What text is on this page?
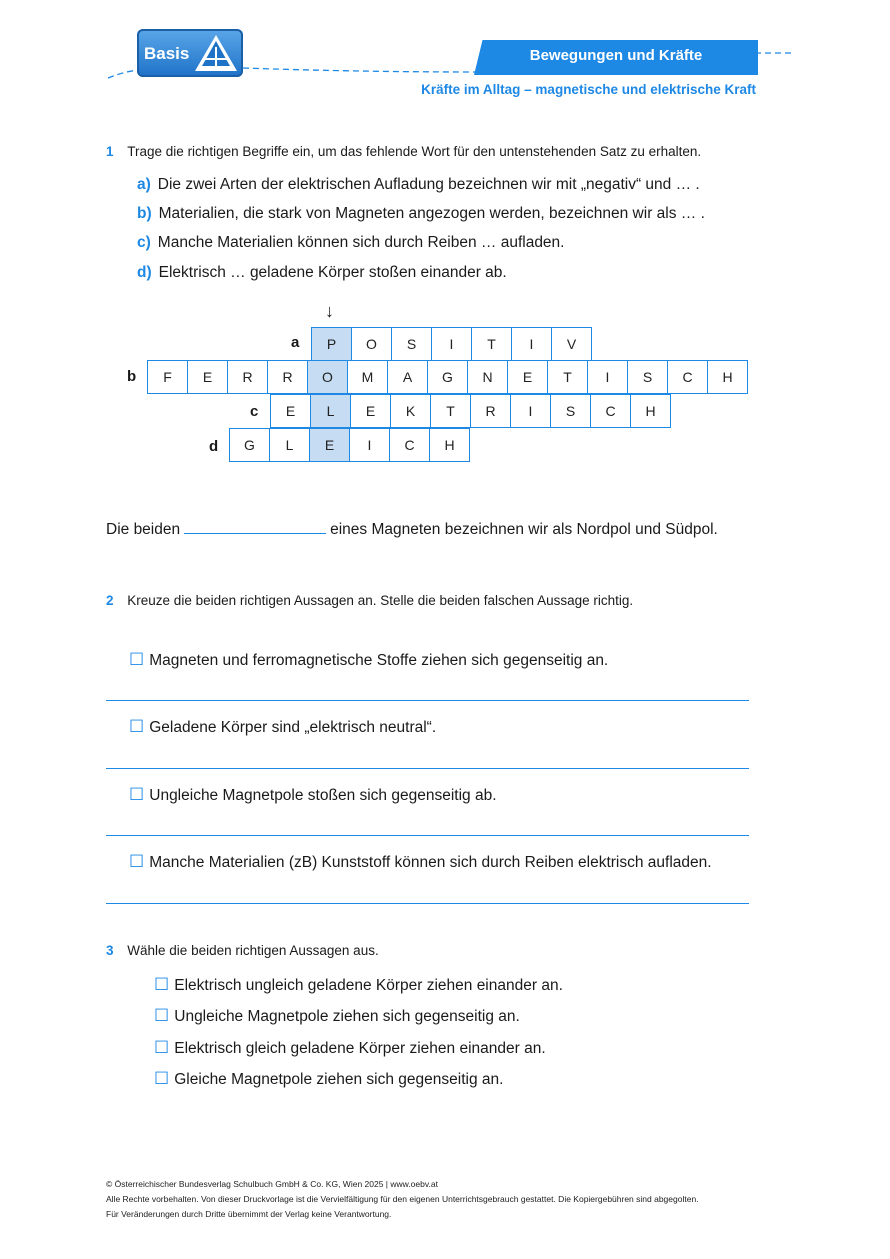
Basis	Bewegungen und Kräfte
Kräfte im Alltag – magnetische und elektrische Kraft
1 Trage die richtigen Begriffe ein, um das fehlende Wort für den untenstehenden Satz zu erhalten.
a) Die zwei Arten der elektrischen Aufladung bezeichnen wir mit „negativ“ und … .
b) Materialien, die stark von Magneten angezogen werden, bezeichnen wir als … .
c) Manche Materialien können sich durch Reiben … aufladen.
d) Elektrisch … geladene Körper stoßen einander ab.
↓
a	P	O	S	I	T	I	V
b	F	E	R	R	O	M	A	G	N	E	T	I	S	C	H
c	E	L	E	K	T	R	I	S	C	H
d	G	L	E	I	C	H
Die beiden	eines Magneten bezeichnen wir als Nordpol und Südpol.
2 Kreuze die beiden richtigen Aussagen an. Stelle die beiden falschen Aussage richtig.
☐ Magneten und ferromagnetische Stoffe ziehen sich gegenseitig an.
☐ Geladene Körper sind „elektrisch neutral“.
☐ Ungleiche Magnetpole stoßen sich gegenseitig ab.
☐ Manche Materialien (zB) Kunststoff können sich durch Reiben elektrisch aufladen.
3 Wähle die beiden richtigen Aussagen aus.
☐ Elektrisch ungleich geladene Körper ziehen einander an.
☐ Ungleiche Magnetpole ziehen sich gegenseitig an.
☐ Elektrisch gleich geladene Körper ziehen einander an.
☐ Gleiche Magnetpole ziehen sich gegenseitig an.
© Österreichischer Bundesverlag Schulbuch GmbH & Co. KG, Wien 2025 | www.oebv.at
Alle Rechte vorbehalten. Von dieser Druckvorlage ist die Vervielfältigung für den eigenen Unterrichtsgebrauch gestattet. Die Kopiergebühren sind abgegolten.
Für Veränderungen durch Dritte übernimmt der Verlag keine Verantwortung.
